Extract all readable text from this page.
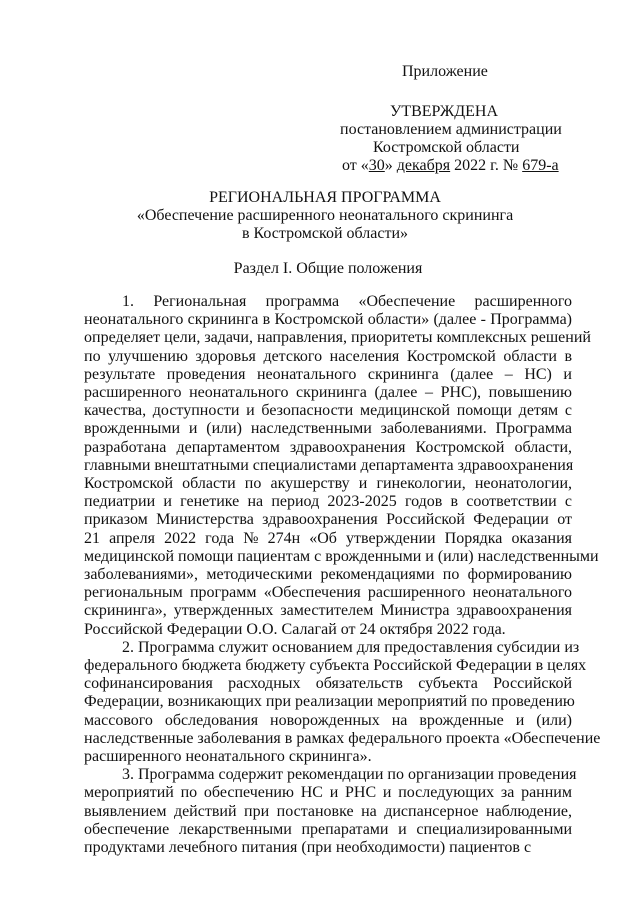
Приложение
УТВЕРЖДЕНА
постановлением администрации
Костромской области
от «30» декабря 2022 г. № 679-а
РЕГИОНАЛЬНАЯ ПРОГРАММА
«Обеспечение расширенного неонатального скрининга
в Костромской области»
Раздел I. Общие положения
1. Региональная программа «Обеспечение расширенного
неонатального скрининга в Костромской области» (далее - Программа)
определяет цели, задачи, направления, приоритеты комплексных решений
по улучшению здоровья детского населения Костромской области в
результате проведения неонатального скрининга (далее – НС) и
расширенного неонатального скрининга (далее – РНС), повышению
качества, доступности и безопасности медицинской помощи детям с
врожденными и (или) наследственными заболеваниями. Программа
разработана департаментом здравоохранения Костромской области,
главными внештатными специалистами департамента здравоохранения
Костромской области по акушерству и гинекологии, неонатологии,
педиатрии и генетике на период 2023-2025 годов в соответствии с
приказом Министерства здравоохранения Российской Федерации от
21 апреля 2022 года № 274н «Об утверждении Порядка оказания
медицинской помощи пациентам с врожденными и (или) наследственными
заболеваниями», методическими рекомендациями по формированию
региональным программ «Обеспечения расширенного неонатального
скрининга», утвержденных заместителем Министра здравоохранения
Российской Федерации О.О. Салагай от 24 октября 2022 года.
2. Программа служит основанием для предоставления субсидии из
федерального бюджета бюджету субъекта Российской Федерации в целях
софинансирования расходных обязательств субъекта Российской
Федерации, возникающих при реализации мероприятий по проведению
массового обследования новорожденных на врожденные и (или)
наследственные заболевания в рамках федерального проекта «Обеспечение
расширенного неонатального скрининга».
3. Программа содержит рекомендации по организации проведения
мероприятий по обеспечению НС и РНС и последующих за ранним
выявлением действий при постановке на диспансерное наблюдение,
обеспечение лекарственными препаратами и специализированными
продуктами лечебного питания (при необходимости) пациентов с
